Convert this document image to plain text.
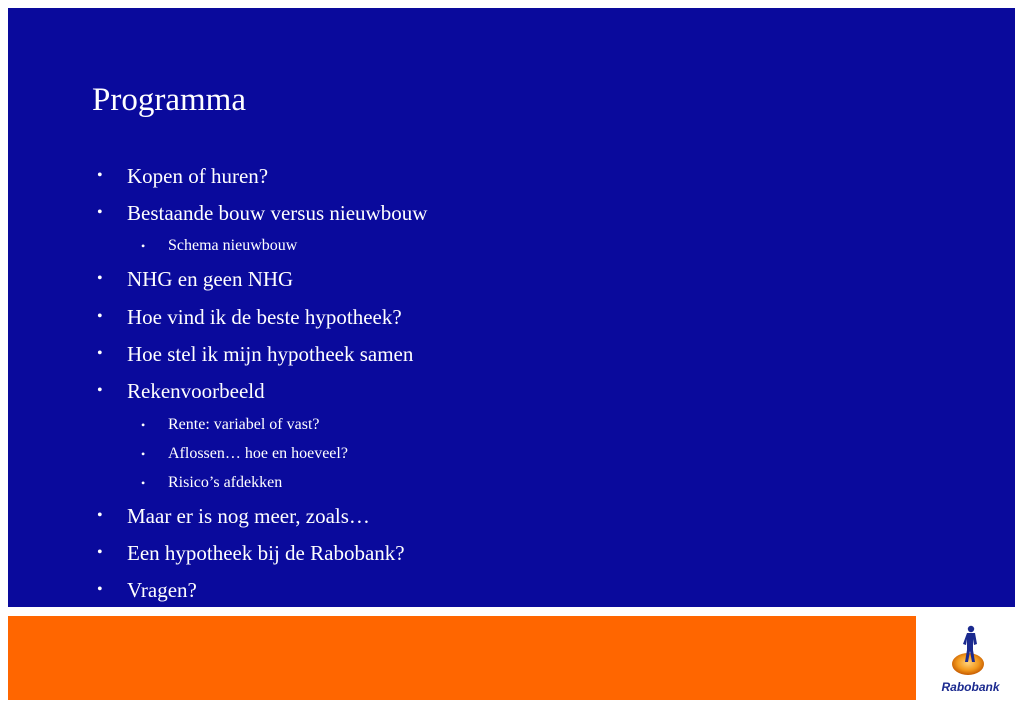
Programma
• Kopen of huren?
• Bestaande bouw versus nieuwbouw
• Schema nieuwbouw
• NHG en geen NHG
• Hoe vind ik de beste hypotheek?
• Hoe stel ik mijn hypotheek samen
• Rekenvoorbeeld
• Rente: variabel of vast?
• Aflossen… hoe en hoeveel?
• Risico’s afdekken
• Maar er is nog meer, zoals…
• Een hypotheek bij de Rabobank?
• Vragen?
Rabobank
